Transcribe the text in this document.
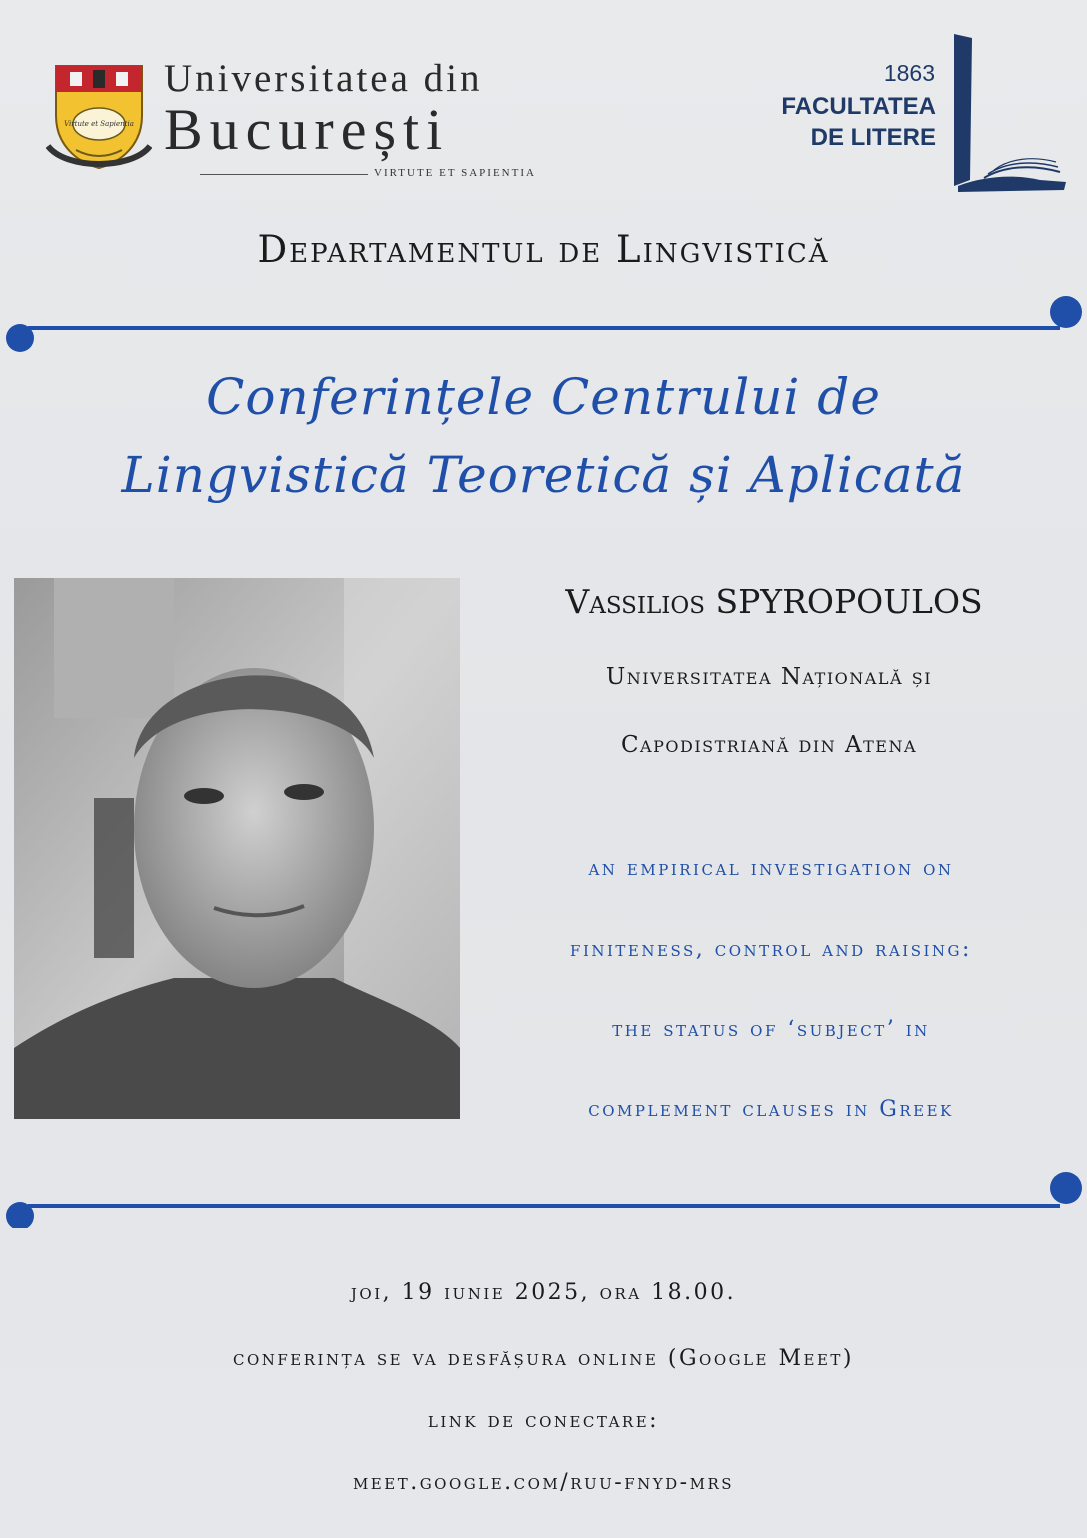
Virtute et Sapientia
Universitatea din
București
VIRTUTE ET SAPIENTIA
1863
FACULTATEA
DE LITERE
Departamentul de Lingvistică
Conferințele Centrului de
Lingvistică Teoretică și Aplicată
Vassilios SPYROPOULOS
Universitatea Națională și
Capodistriană din Atena
an empirical investigation on
finiteness, control and raising:
the status of ‘subject’ in
complement clauses in Greek
joi, 19 iunie 2025, ora 18.00.
conferința se va desfășura online (Google Meet)
link de conectare:
meet.google.com/ruu-fnyd-mrs
